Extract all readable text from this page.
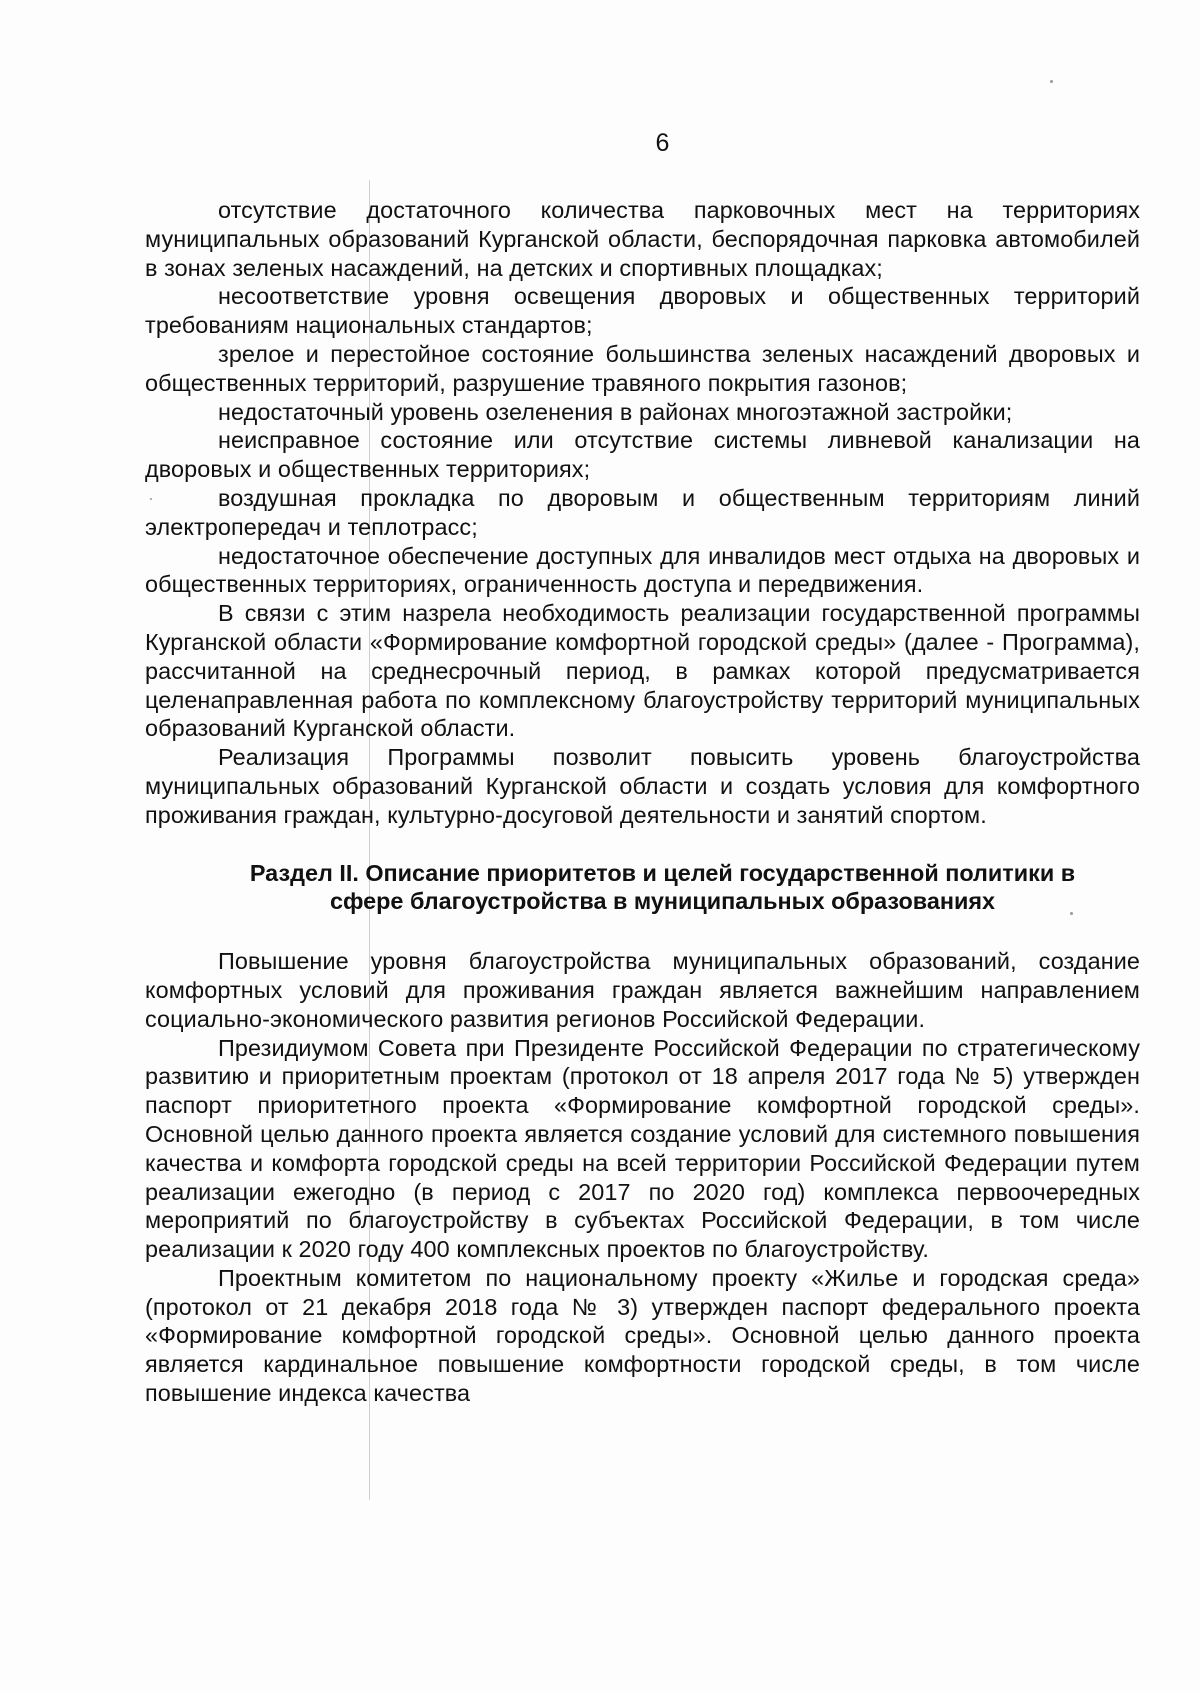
6

отсутствие достаточного количества парковочных мест на территориях муниципальных образований Курганской области, беспорядочная парковка автомобилей в зонах зеленых насаждений, на детских и спортивных площадках;

несоответствие уровня освещения дворовых и общественных территорий требованиям национальных стандартов;

зрелое и перестойное состояние большинства зеленых насаждений дворовых и общественных территорий, разрушение травяного покрытия газонов;

недостаточный уровень озеленения в районах многоэтажной застройки;

неисправное состояние или отсутствие системы ливневой канализации на дворовых и общественных территориях;

воздушная прокладка по дворовым и общественным территориям линий электропередач и теплотрасс;

недостаточное обеспечение доступных для инвалидов мест отдыха на дворовых и общественных территориях, ограниченность доступа и передвижения.

В связи с этим назрела необходимость реализации государственной программы Курганской области «Формирование комфортной городской среды» (далее - Программа), рассчитанной на среднесрочный период, в рамках которой предусматривается целенаправленная работа по комплексному благоустройству территорий муниципальных образований Курганской области.

Реализация Программы позволит повысить уровень благоустройства муниципальных образований Курганской области и создать условия для комфортного проживания граждан, культурно-досуговой деятельности и занятий спортом.

Раздел II. Описание приоритетов и целей государственной политики в
сфере благоустройства в муниципальных образованиях

Повышение уровня благоустройства муниципальных образований, создание комфортных условий для проживания граждан является важнейшим направлением социально-экономического развития регионов Российской Федерации.

Президиумом Совета при Президенте Российской Федерации по стратегическому развитию и приоритетным проектам (протокол от 18 апреля 2017 года № 5) утвержден паспорт приоритетного проекта «Формирование комфортной городской среды». Основной целью данного проекта является создание условий для системного повышения качества и комфорта городской среды на всей территории Российской Федерации путем реализации ежегодно (в период с 2017 по 2020 год) комплекса первоочередных мероприятий по благоустройству в субъектах Российской Федерации, в том числе реализации к 2020 году 400 комплексных проектов по благоустройству.

Проектным комитетом по национальному проекту «Жилье и городская среда» (протокол от 21 декабря 2018 года № 3) утвержден паспорт федерального проекта «Формирование комфортной городской среды». Основной целью данного проекта является кардинальное повышение комфортности городской среды, в том числе повышение индекса качества
